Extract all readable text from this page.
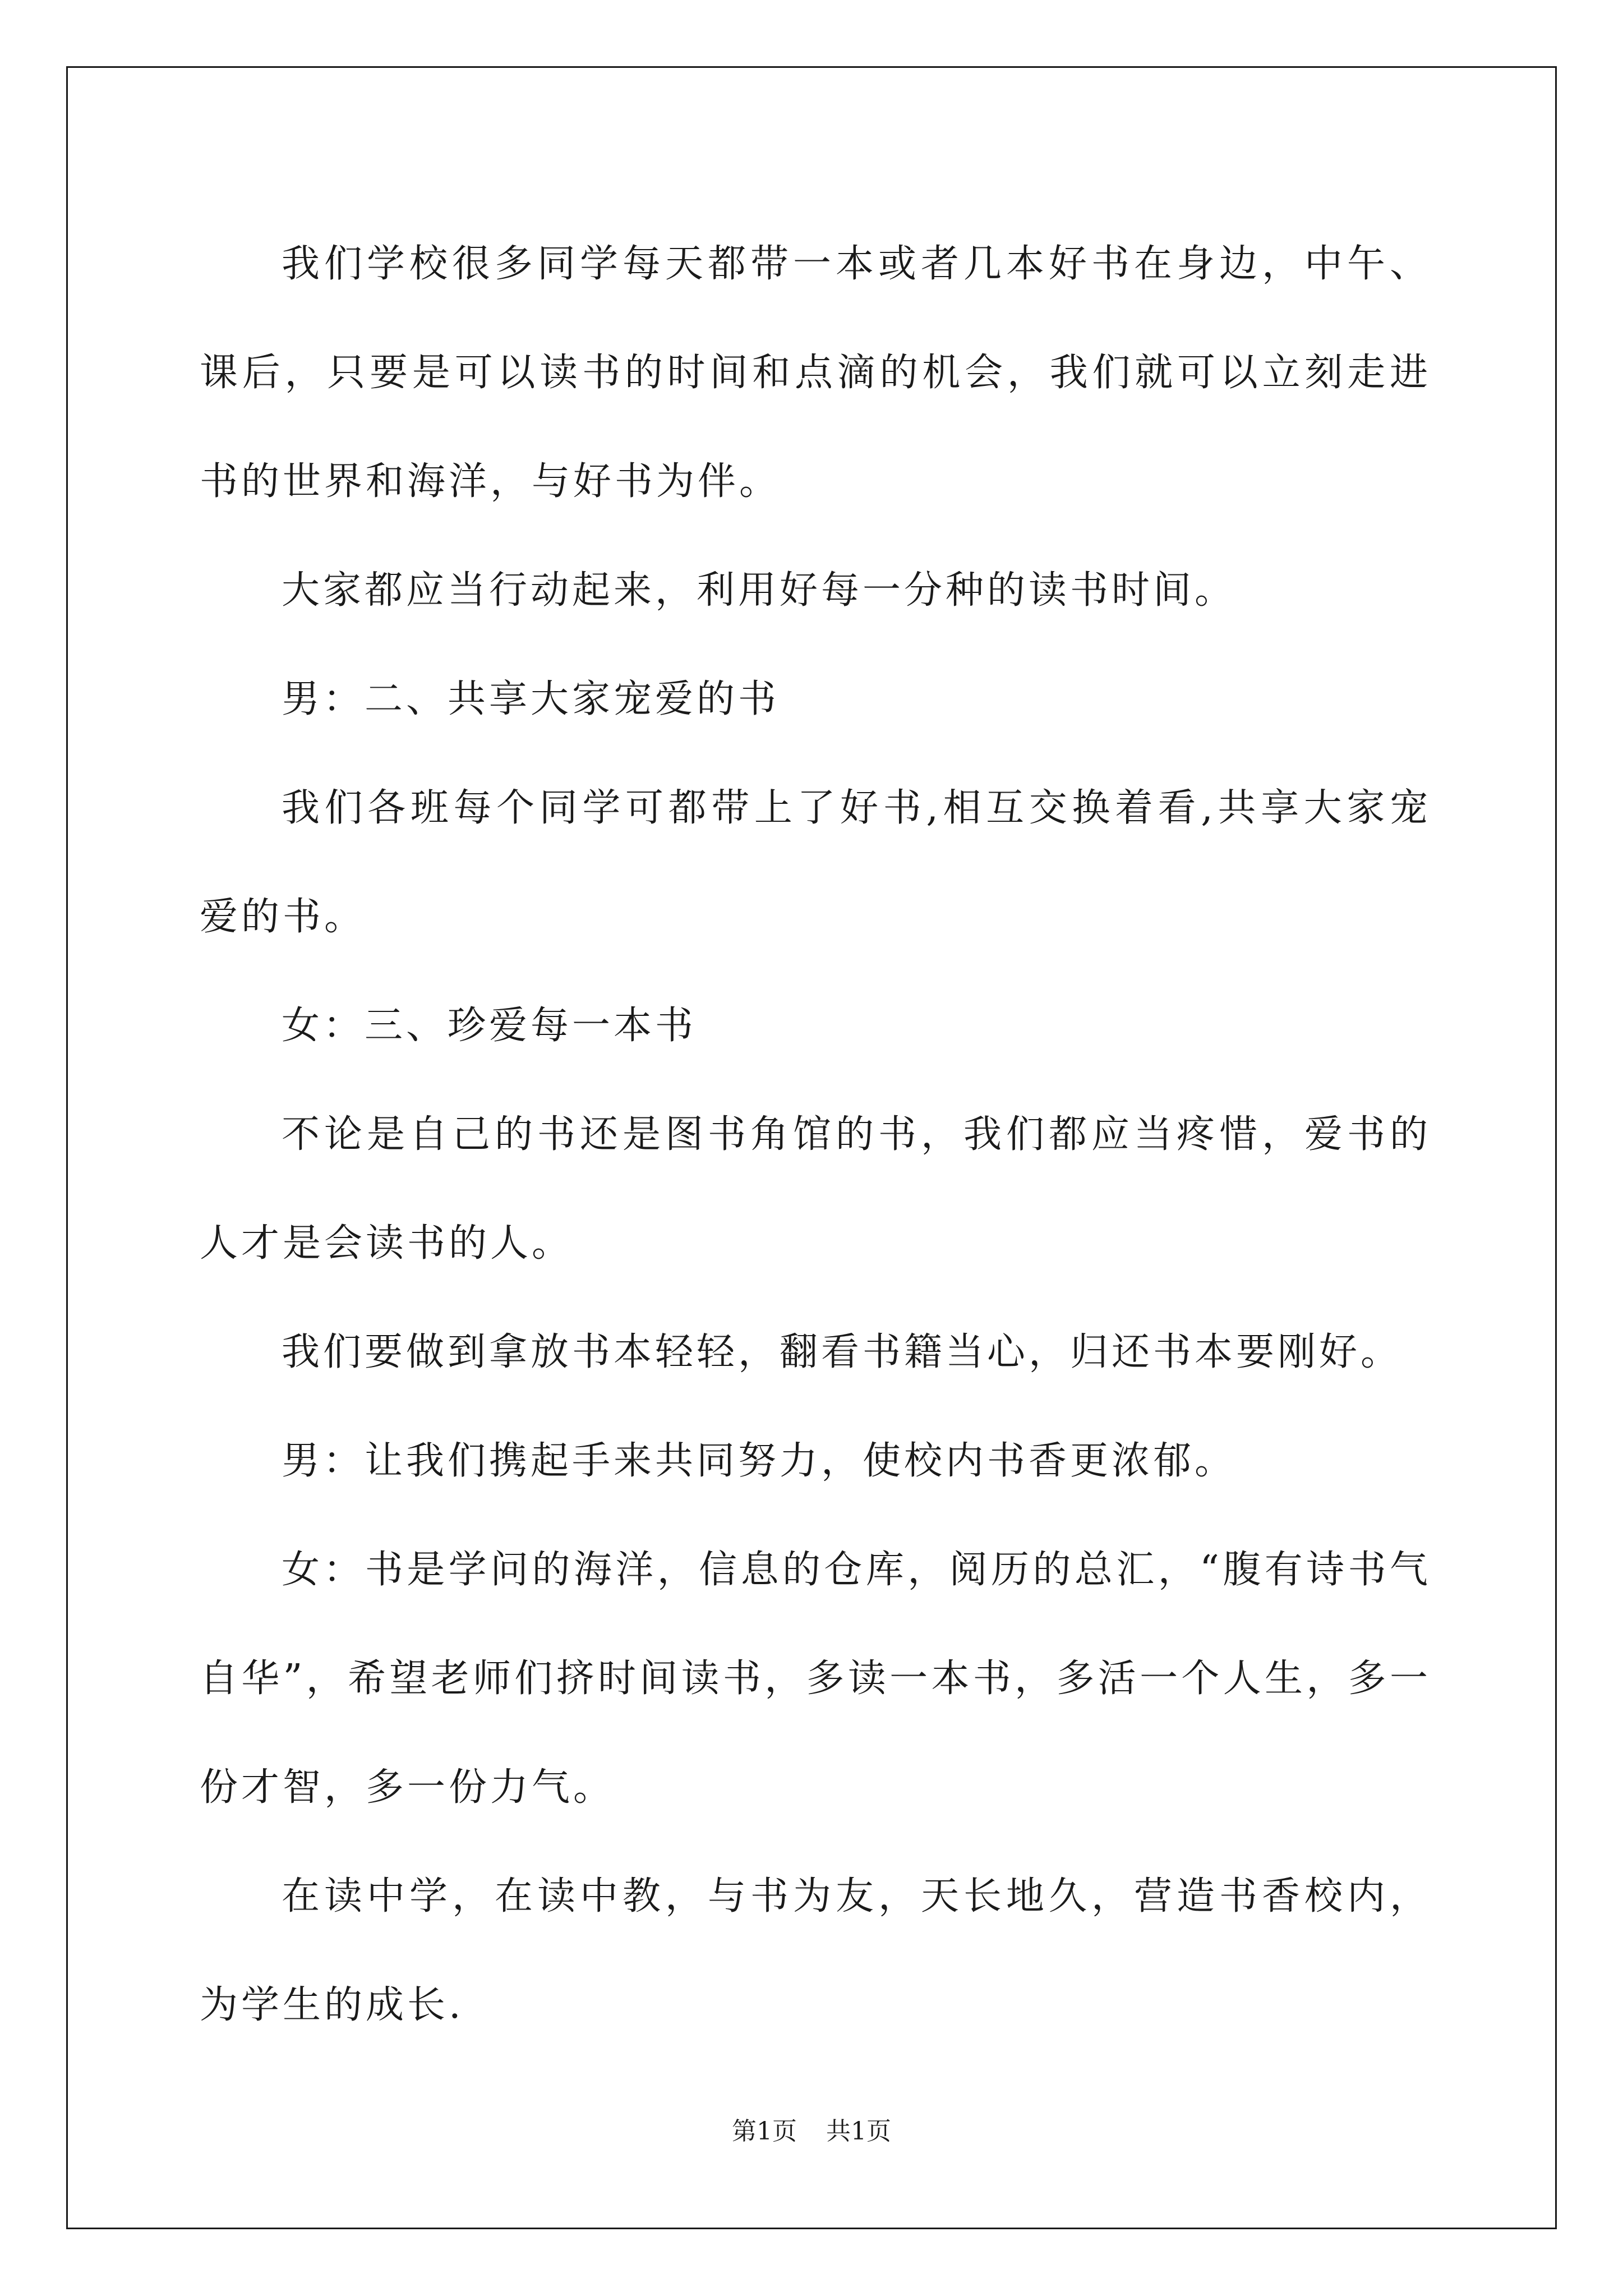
我们学校很多同学每天都带一本或者几本好书在身边，中午、课后，只要是可以读书的时间和点滴的机会，我们就可以立刻走进书的世界和海洋，与好书为伴。

大家都应当行动起来，利用好每一分种的读书时间。

男：二、共享大家宠爱的书

我们各班每个同学可都带上了好书,相互交换着看,共享大家宠爱的书。

女：三、珍爱每一本书

不论是自己的书还是图书角馆的书，我们都应当疼惜，爱书的人才是会读书的人。

我们要做到拿放书本轻轻，翻看书籍当心，归还书本要刚好。

男：让我们携起手来共同努力，使校内书香更浓郁。

女：书是学问的海洋，信息的仓库，阅历的总汇，“腹有诗书气自华”，希望老师们挤时间读书，多读一本书，多活一个人生，多一份才智，多一份力气。

在读中学，在读中教，与书为友，天长地久，营造书香校内，为学生的成长.

第1页 共1页
